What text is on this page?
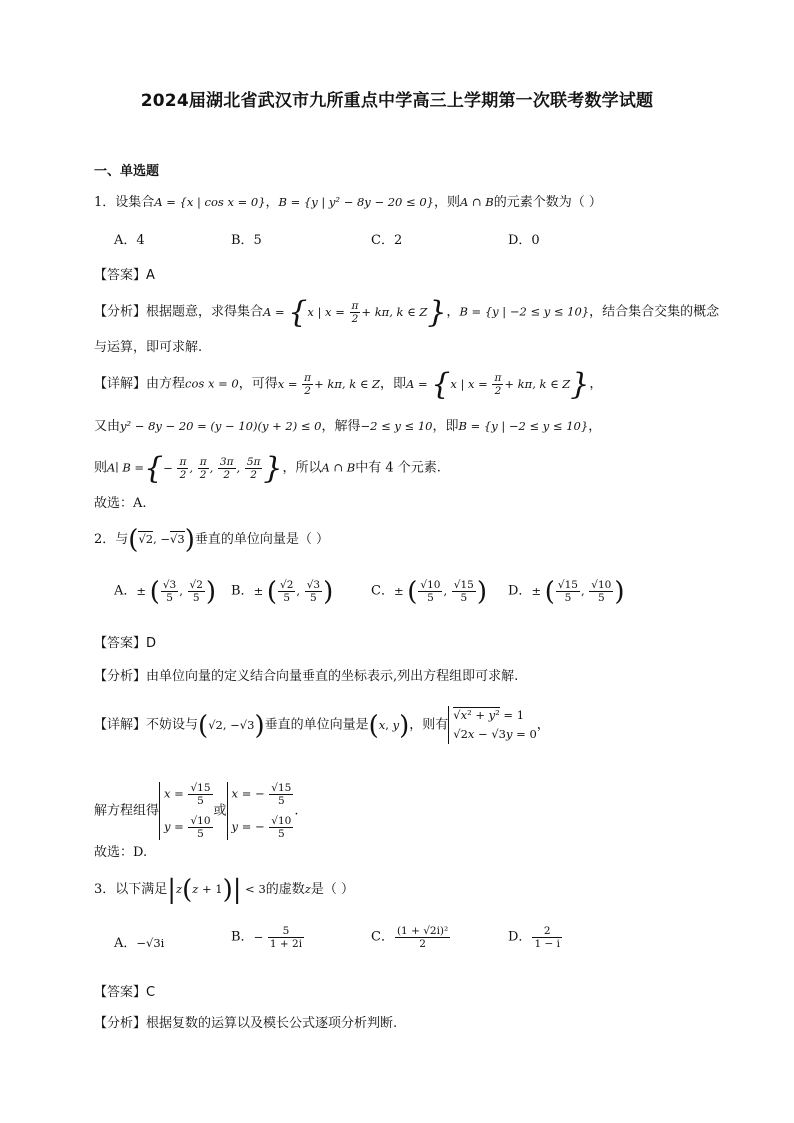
2024届湖北省武汉市九所重点中学高三上学期第一次联考数学试题
一、单选题
1．设集合A = {x | cos x = 0}，B = {y | y² − 8y − 20 ≤ 0}，则A ∩ B的元素个数为（ ）
A．4	B．5	C．2	D．0
【答案】A
【分析】根据题意，求得集合A = {x | $x = \frac{\pi}{2} + k\pi$, k ∈ Z}，B = {y | −2 ≤ y ≤ 10}，结合集合交集的概念
与运算，即可求解.
【详解】由方程cos x = 0，可得$x = \frac{\pi}{2} + k\pi$, k ∈ Z，即A = {x | $x = \frac{\pi}{2} + k\pi$, k ∈ Z}，
又由y² − 8y − 20 = (y − 10)(y + 2) ≤ 0，解得−2 ≤ y ≤ 10，即B = {y | −2 ≤ y ≤ 10}，
则A∣ B ={− $\frac{\pi}{2}$ , $\frac{\pi}{2}$ , $\frac{3\pi}{2}$ , $\frac{5\pi}{2}$ }，所以A ∩ B中有 4 个元素.
故选：A.
2．与(√2, −√3)垂直的单位向量是（ ）
A．± ( $\frac{√3}{5}$ , $\frac{√2}{5}$ ) B．± ( $\frac{√2}{5}$ , $\frac{√3}{5}$ )	C．± ( $\frac{√10}{5}$ , $\frac{√15}{5}$ ) D．± ( $\frac{√15}{5}$ , $\frac{√10}{5}$ )
【答案】D
【分析】由单位向量的定义结合向量垂直的坐标表示,列出方程组即可求解.
【详解】不妨设与(√2, −√3)垂直的单位向量是(x, y)，则有
√x² + y² = 1
√2x − √3y = 0
，
解方程组得
$x = \frac{√15}{5}$
$y = \frac{√10}{5}$
或
x = − $\frac{√15}{5}$
y = − $\frac{√10}{5}$
.
故选：D.
3．以下满足|z(z + 1)| < 3的虚数z是（ ）
A．−√3i	B．− $\frac{5}{1 + 2i}$	C． $\frac{\text{(1 + √2i)²}}{2}$	D． $\frac{2}{1 - i}$
【答案】C
【分析】根据复数的运算以及模长公式逐项分析判断.
